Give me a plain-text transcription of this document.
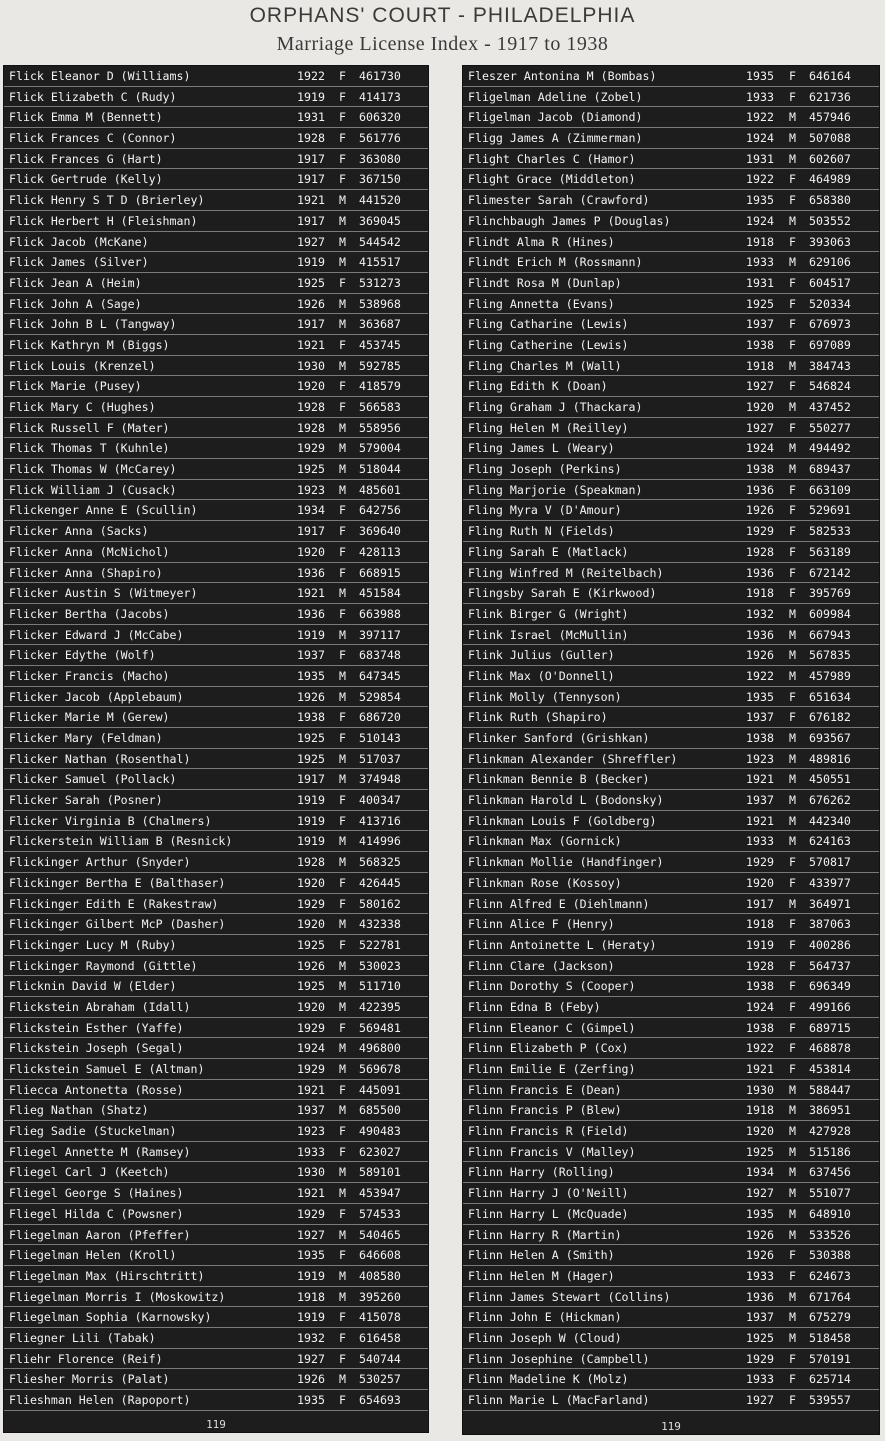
ORPHANS' COURT - PHILADELPHIA
Marriage License Index - 1917 to 1938
Flick Eleanor D (Williams)	1922 F 461730
Flick Elizabeth C (Rudy)	1919 F 414173
Flick Emma M (Bennett)	1931 F 606320
Flick Frances C (Connor)	1928 F 561776
Flick Frances G (Hart)	1917 F 363080
Flick Gertrude (Kelly)	1917 F 367150
Flick Henry S T D (Brierley)	1921 M 441520
Flick Herbert H (Fleishman)	1917 M 369045
Flick Jacob (McKane)	1927 M 544542
Flick James (Silver)	1919 M 415517
Flick Jean A (Heim)	1925 F 531273
Flick John A (Sage)	1926 M 538968
Flick John B L (Tangway)	1917 M 363687
Flick Kathryn M (Biggs)	1921 F 453745
Flick Louis (Krenzel)	1930 M 592785
Flick Marie (Pusey)	1920 F 418579
Flick Mary C (Hughes)	1928 F 566583
Flick Russell F (Mater)	1928 M 558956
Flick Thomas T (Kuhnle)	1929 M 579004
Flick Thomas W (McCarey)	1925 M 518044
Flick William J (Cusack)	1923 M 485601
Flickenger Anne E (Scullin)	1934 F 642756
Flicker Anna (Sacks)	1917 F 369640
Flicker Anna (McNichol)	1920 F 428113
Flicker Anna (Shapiro)	1936 F 668915
Flicker Austin S (Witmeyer)	1921 M 451584
Flicker Bertha (Jacobs)	1936 F 663988
Flicker Edward J (McCabe)	1919 M 397117
Flicker Edythe (Wolf)	1937 F 683748
Flicker Francis (Macho)	1935 M 647345
Flicker Jacob (Applebaum)	1926 M 529854
Flicker Marie M (Gerew)	1938 F 686720
Flicker Mary (Feldman)	1925 F 510143
Flicker Nathan (Rosenthal)	1925 M 517037
Flicker Samuel (Pollack)	1917 M 374948
Flicker Sarah (Posner)	1919 F 400347
Flicker Virginia B (Chalmers)	1919 F 413716
Flickerstein William B (Resnick)	1919 M 414996
Flickinger Arthur (Snyder)	1928 M 568325
Flickinger Bertha E (Balthaser)	1920 F 426445
Flickinger Edith E (Rakestraw)	1929 F 580162
Flickinger Gilbert McP (Dasher)	1920 M 432338
Flickinger Lucy M (Ruby)	1925 F 522781
Flickinger Raymond (Gittle)	1926 M 530023
Flicknin David W (Elder)	1925 M 511710
Flickstein Abraham (Idall)	1920 M 422395
Flickstein Esther (Yaffe)	1929 F 569481
Flickstein Joseph (Segal)	1924 M 496800
Flickstein Samuel E (Altman)	1929 M 569678
Fliecca Antonetta (Rosse)	1921 F 445091
Flieg Nathan (Shatz)	1937 M 685500
Flieg Sadie (Stuckelman)	1923 F 490483
Fliegel Annette M (Ramsey)	1933 F 623027
Fliegel Carl J (Keetch)	1930 M 589101
Fliegel George S (Haines)	1921 M 453947
Fliegel Hilda C (Powsner)	1929 F 574533
Fliegelman Aaron (Pfeffer)	1927 M 540465
Fliegelman Helen (Kroll)	1935 F 646608
Fliegelman Max (Hirschtritt)	1919 M 408580
Fliegelman Morris I (Moskowitz)	1918 M 395260
Fliegelman Sophia (Karnowsky)	1919 F 415078
Fliegner Lili (Tabak)	1932 F 616458
Fliehr Florence (Reif)	1927 F 540744
Fliesher Morris (Palat)	1926 M 530257
Flieshman Helen (Rapoport)	1935 F 654693
119
Fleszer Antonina M (Bombas)	1935 F 646164
Fligelman Adeline (Zobel)	1933 F 621736
Fligelman Jacob (Diamond)	1922 M 457946
Fligg James A (Zimmerman)	1924 M 507088
Flight Charles C (Hamor)	1931 M 602607
Flight Grace (Middleton)	1922 F 464989
Flimester Sarah (Crawford)	1935 F 658380
Flinchbaugh James P (Douglas)	1924 M 503552
Flindt Alma R (Hines)	1918 F 393063
Flindt Erich M (Rossmann)	1933 M 629106
Flindt Rosa M (Dunlap)	1931 F 604517
Fling Annetta (Evans)	1925 F 520334
Fling Catharine (Lewis)	1937 F 676973
Fling Catherine (Lewis)	1938 F 697089
Fling Charles M (Wall)	1918 M 384743
Fling Edith K (Doan)	1927 F 546824
Fling Graham J (Thackara)	1920 M 437452
Fling Helen M (Reilley)	1927 F 550277
Fling James L (Weary)	1924 M 494492
Fling Joseph (Perkins)	1938 M 689437
Fling Marjorie (Speakman)	1936 F 663109
Fling Myra V (D'Amour)	1926 F 529691
Fling Ruth N (Fields)	1929 F 582533
Fling Sarah E (Matlack)	1928 F 563189
Fling Winfred M (Reitelbach)	1936 F 672142
Flingsby Sarah E (Kirkwood)	1918 F 395769
Flink Birger G (Wright)	1932 M 609984
Flink Israel (McMullin)	1936 M 667943
Flink Julius (Guller)	1926 M 567835
Flink Max (O'Donnell)	1922 M 457989
Flink Molly (Tennyson)	1935 F 651634
Flink Ruth (Shapiro)	1937 F 676182
Flinker Sanford (Grishkan)	1938 M 693567
Flinkman Alexander (Shreffler)	1923 M 489816
Flinkman Bennie B (Becker)	1921 M 450551
Flinkman Harold L (Bodonsky)	1937 M 676262
Flinkman Louis F (Goldberg)	1921 M 442340
Flinkman Max (Gornick)	1933 M 624163
Flinkman Mollie (Handfinger)	1929 F 570817
Flinkman Rose (Kossoy)	1920 F 433977
Flinn Alfred E (Diehlmann)	1917 M 364971
Flinn Alice F (Henry)	1918 F 387063
Flinn Antoinette L (Heraty)	1919 F 400286
Flinn Clare (Jackson)	1928 F 564737
Flinn Dorothy S (Cooper)	1938 F 696349
Flinn Edna B (Feby)	1924 F 499166
Flinn Eleanor C (Gimpel)	1938 F 689715
Flinn Elizabeth P (Cox)	1922 F 468878
Flinn Emilie E (Zerfing)	1921 F 453814
Flinn Francis E (Dean)	1930 M 588447
Flinn Francis P (Blew)	1918 M 386951
Flinn Francis R (Field)	1920 M 427928
Flinn Francis V (Malley)	1925 M 515186
Flinn Harry (Rolling)	1934 M 637456
Flinn Harry J (O'Neill)	1927 M 551077
Flinn Harry L (McQuade)	1935 M 648910
Flinn Harry R (Martin)	1926 M 533526
Flinn Helen A (Smith)	1926 F 530388
Flinn Helen M (Hager)	1933 F 624673
Flinn James Stewart (Collins)	1936 M 671764
Flinn John E (Hickman)	1937 M 675279
Flinn Joseph W (Cloud)	1925 M 518458
Flinn Josephine (Campbell)	1929 F 570191
Flinn Madeline K (Molz)	1933 F 625714
Flinn Marie L (MacFarland)	1927 F 539557
119
